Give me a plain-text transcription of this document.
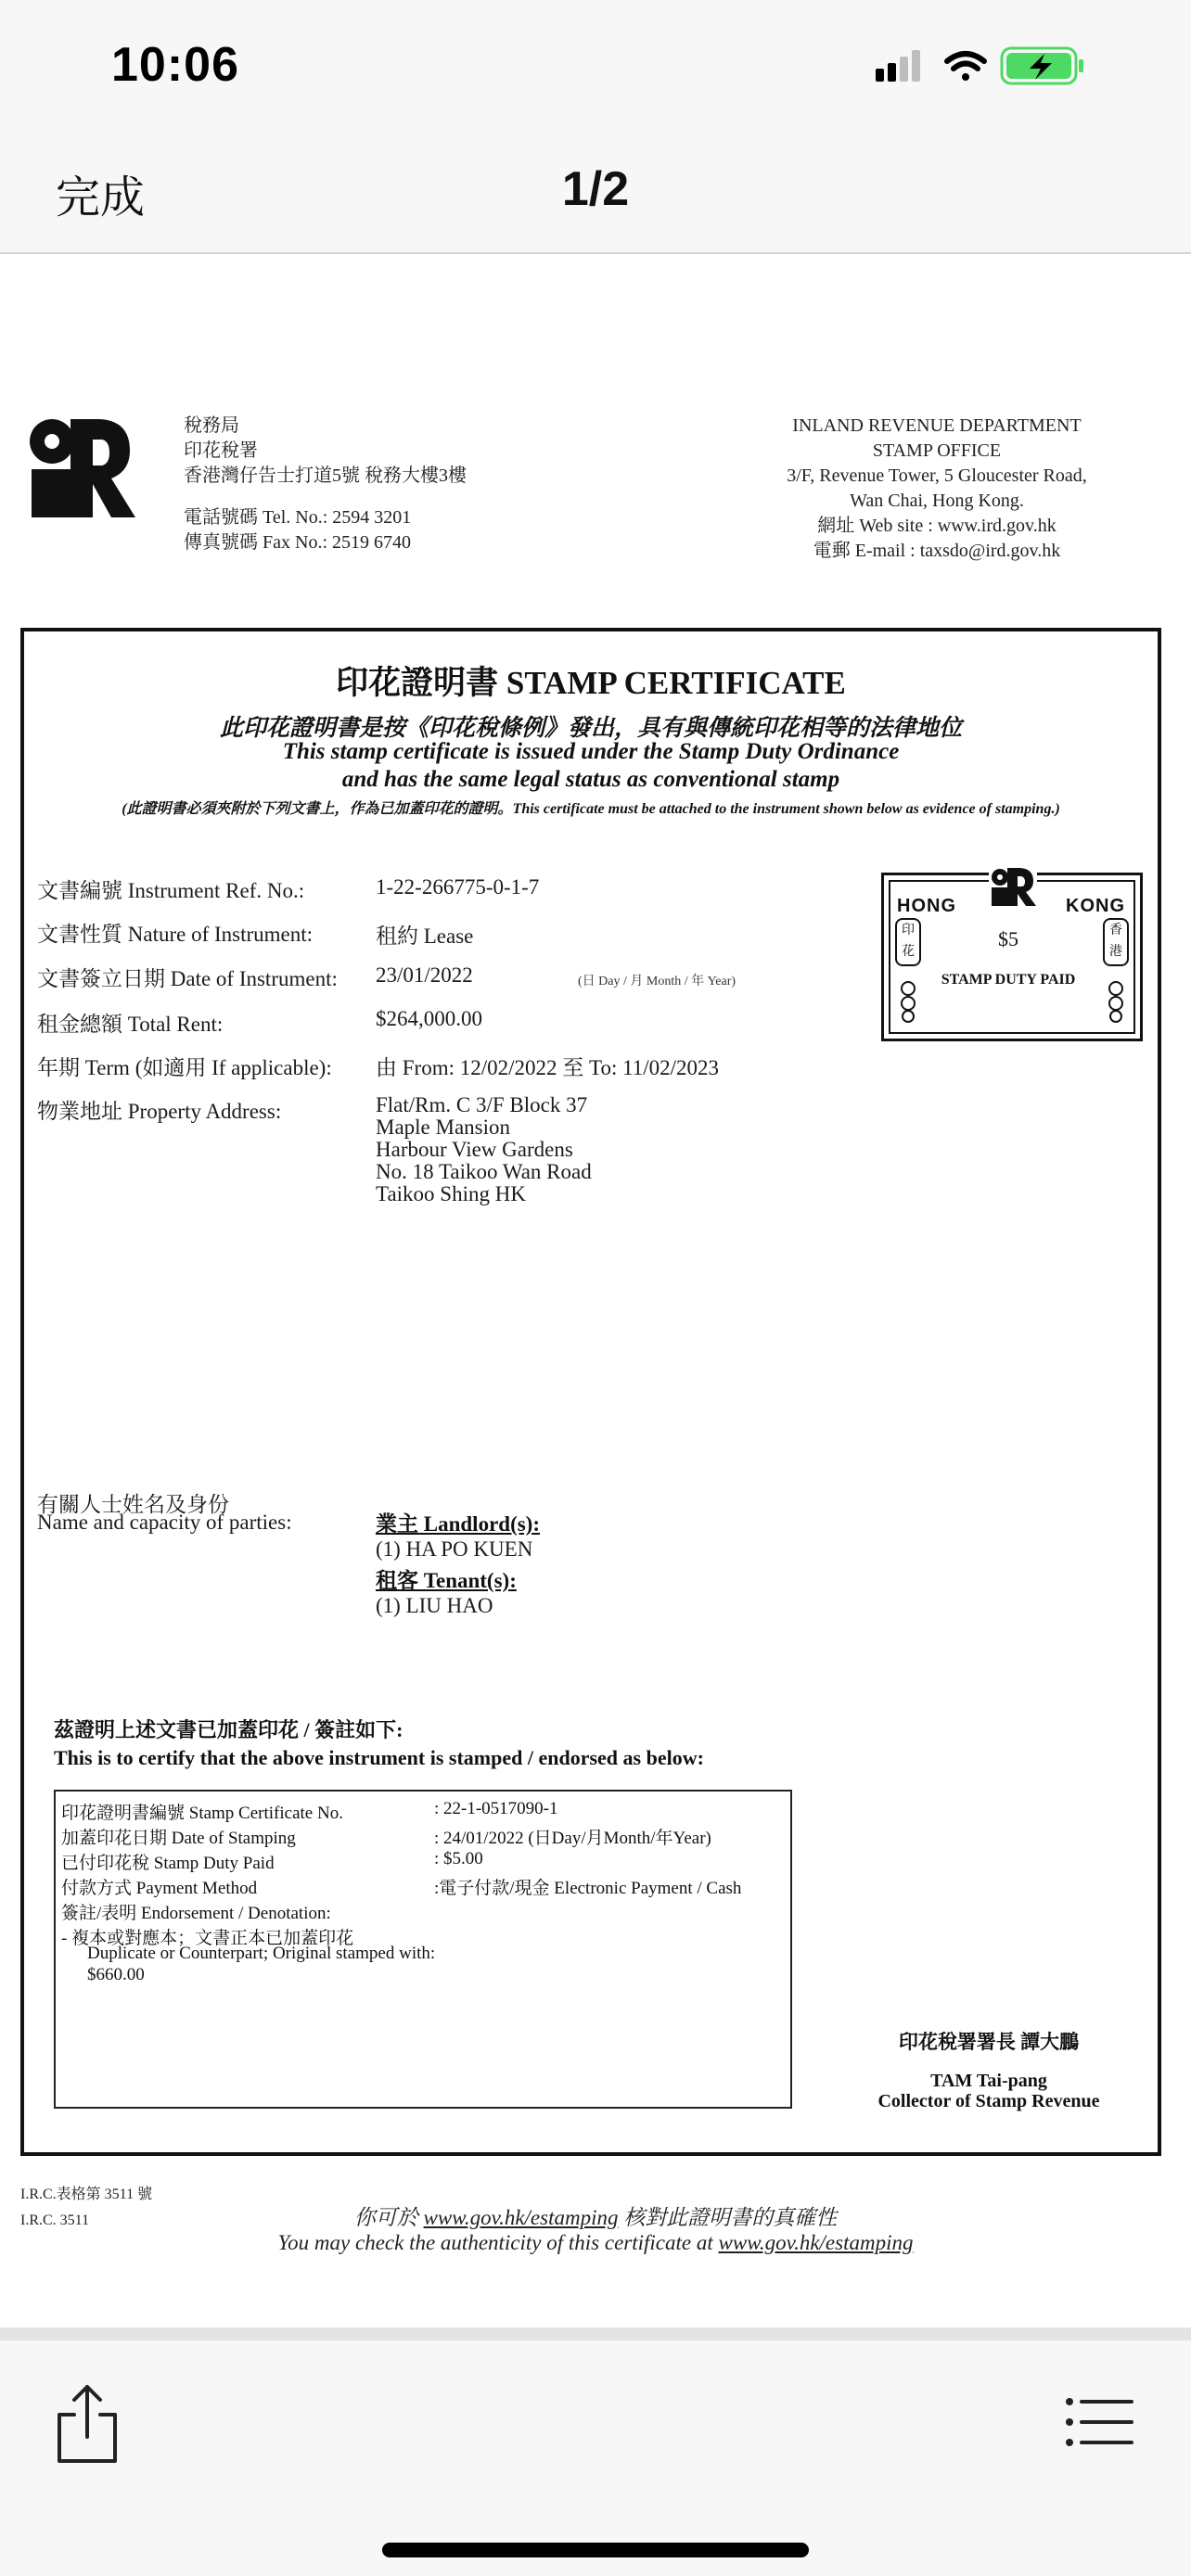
10:06
完成	1/2
稅務局
印花稅署
香港灣仔告士打道5號 稅務大樓3樓
電話號碼 Tel. No.: 2594 3201
傳真號碼 Fax No.: 2519 6740
INLAND REVENUE DEPARTMENT
STAMP OFFICE
3/F, Revenue Tower, 5 Gloucester Road,
Wan Chai, Hong Kong.
網址 Web site : www.ird.gov.hk
電郵 E-mail : taxsdo@ird.gov.hk
印花證明書 STAMP CERTIFICATE
此印花證明書是按《印花稅條例》發出，具有與傳統印花相等的法律地位
This stamp certificate is issued under the Stamp Duty Ordinance
and has the same legal status as conventional stamp
(此證明書必須夾附於下列文書上，作為已加蓋印花的證明。This certificate must be attached to the instrument shown below as evidence of stamping.)
文書編號 Instrument Ref. No.:	1-22-266775-0-1-7
文書性質 Nature of Instrument:	租約 Lease
文書簽立日期 Date of Instrument: 23/01/2022	(日 Day / 月 Month / 年 Year)
租金總額 Total Rent:	$264,000.00
年期 Term (如適用 If applicable): 由 From: 12/02/2022 至 To: 11/02/2023
物業地址 Property Address:	Flat/Rm. C 3/F Block 37
Maple Mansion
Harbour View Gardens
No. 18 Taikoo Wan Road
Taikoo Shing HK
有關人士姓名及身份
Name and capacity of parties:	業主 Landlord(s):
(1) HA PO KUEN
租客 Tenant(s):
(1) LIU HAO
HONG	KONG
$5
STAMP DUTY PAID
印花
香港
茲證明上述文書已加蓋印花 / 簽註如下:
This is to certify that the above instrument is stamped / endorsed as below:
印花證明書編號 Stamp Certificate No.	: 22-1-0517090-1
加蓋印花日期 Date of Stamping	: 24/01/2022 (日Day/月Month/年Year)
已付印花稅 Stamp Duty Paid	: $5.00
付款方式 Payment Method	:電子付款/現金 Electronic Payment / Cash
簽註/表明 Endorsement / Denotation:
- 複本或對應本；文書正本已加蓋印花
Duplicate or Counterpart; Original stamped with:
$660.00
印花稅署署長 譚大鵬
TAM Tai-pang
Collector of Stamp Revenue
I.R.C.表格第 3511 號
I.R.C. 3511	你可於 www.gov.hk/estamping 核對此證明書的真確性
You may check the authenticity of this certificate at www.gov.hk/estamping
